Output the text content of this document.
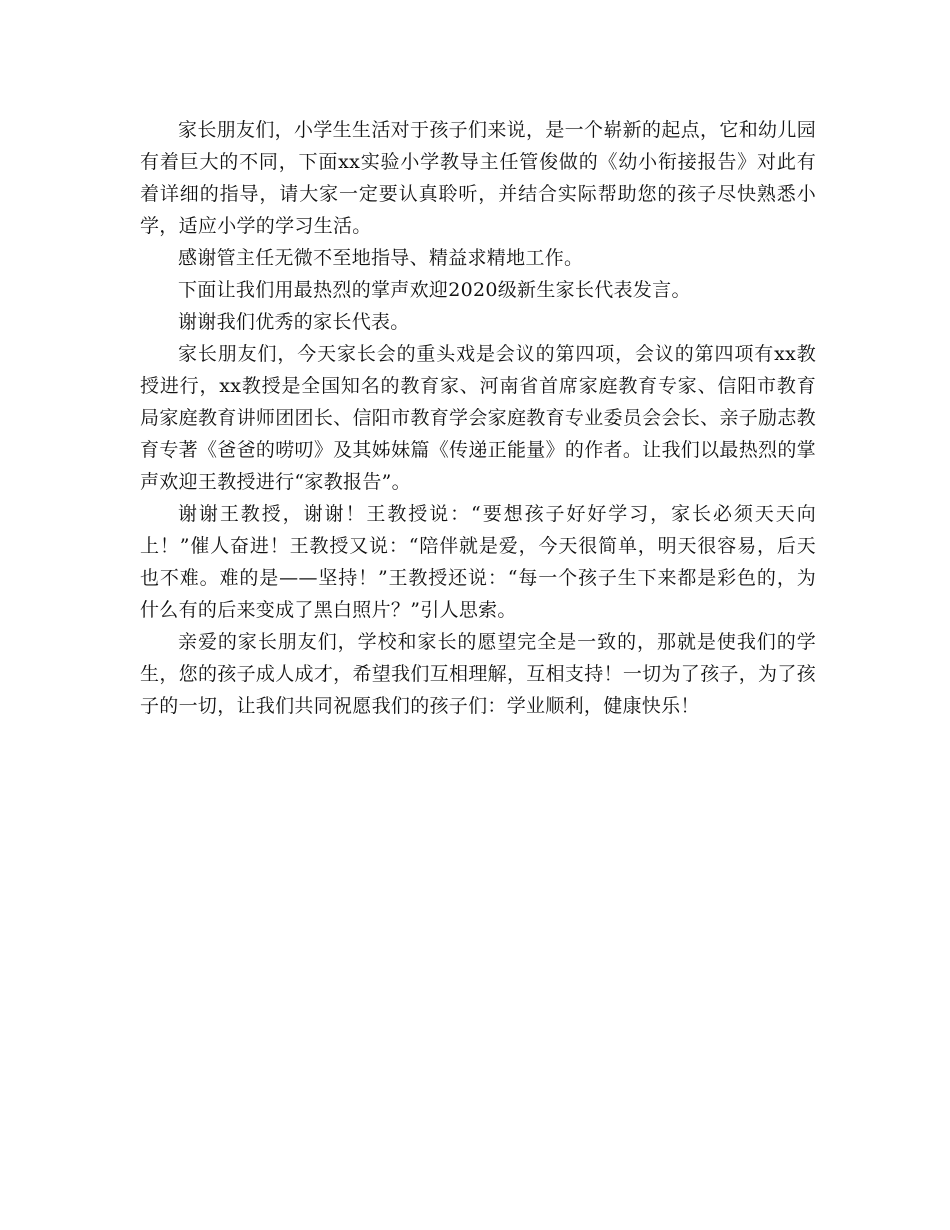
家长朋友们，小学生生活对于孩子们来说，是一个崭新的起点，它和幼儿园有着巨大的不同，下面xx实验小学教导主任管俊做的《幼小衔接报告》对此有着详细的指导，请大家一定要认真聆听，并结合实际帮助您的孩子尽快熟悉小学，适应小学的学习生活。

感谢管主任无微不至地指导、精益求精地工作。

下面让我们用最热烈的掌声欢迎2020级新生家长代表发言。

谢谢我们优秀的家长代表。

家长朋友们，今天家长会的重头戏是会议的第四项，会议的第四项有xx教授进行，xx教授是全国知名的教育家、河南省首席家庭教育专家、信阳市教育局家庭教育讲师团团长、信阳市教育学会家庭教育专业委员会会长、亲子励志教育专著《爸爸的唠叨》及其姊妹篇《传递正能量》的作者。让我们以最热烈的掌声欢迎王教授进行“家教报告”。

谢谢王教授，谢谢！王教授说：“要想孩子好好学习，家长必须天天向上！”催人奋进！王教授又说：“陪伴就是爱，今天很简单，明天很容易，后天也不难。难的是——坚持！”王教授还说：“每一个孩子生下来都是彩色的，为什么有的后来变成了黑白照片？”引人思索。

亲爱的家长朋友们，学校和家长的愿望完全是一致的，那就是使我们的学生，您的孩子成人成才，希望我们互相理解，互相支持！一切为了孩子，为了孩子的一切，让我们共同祝愿我们的孩子们：学业顺利，健康快乐！
